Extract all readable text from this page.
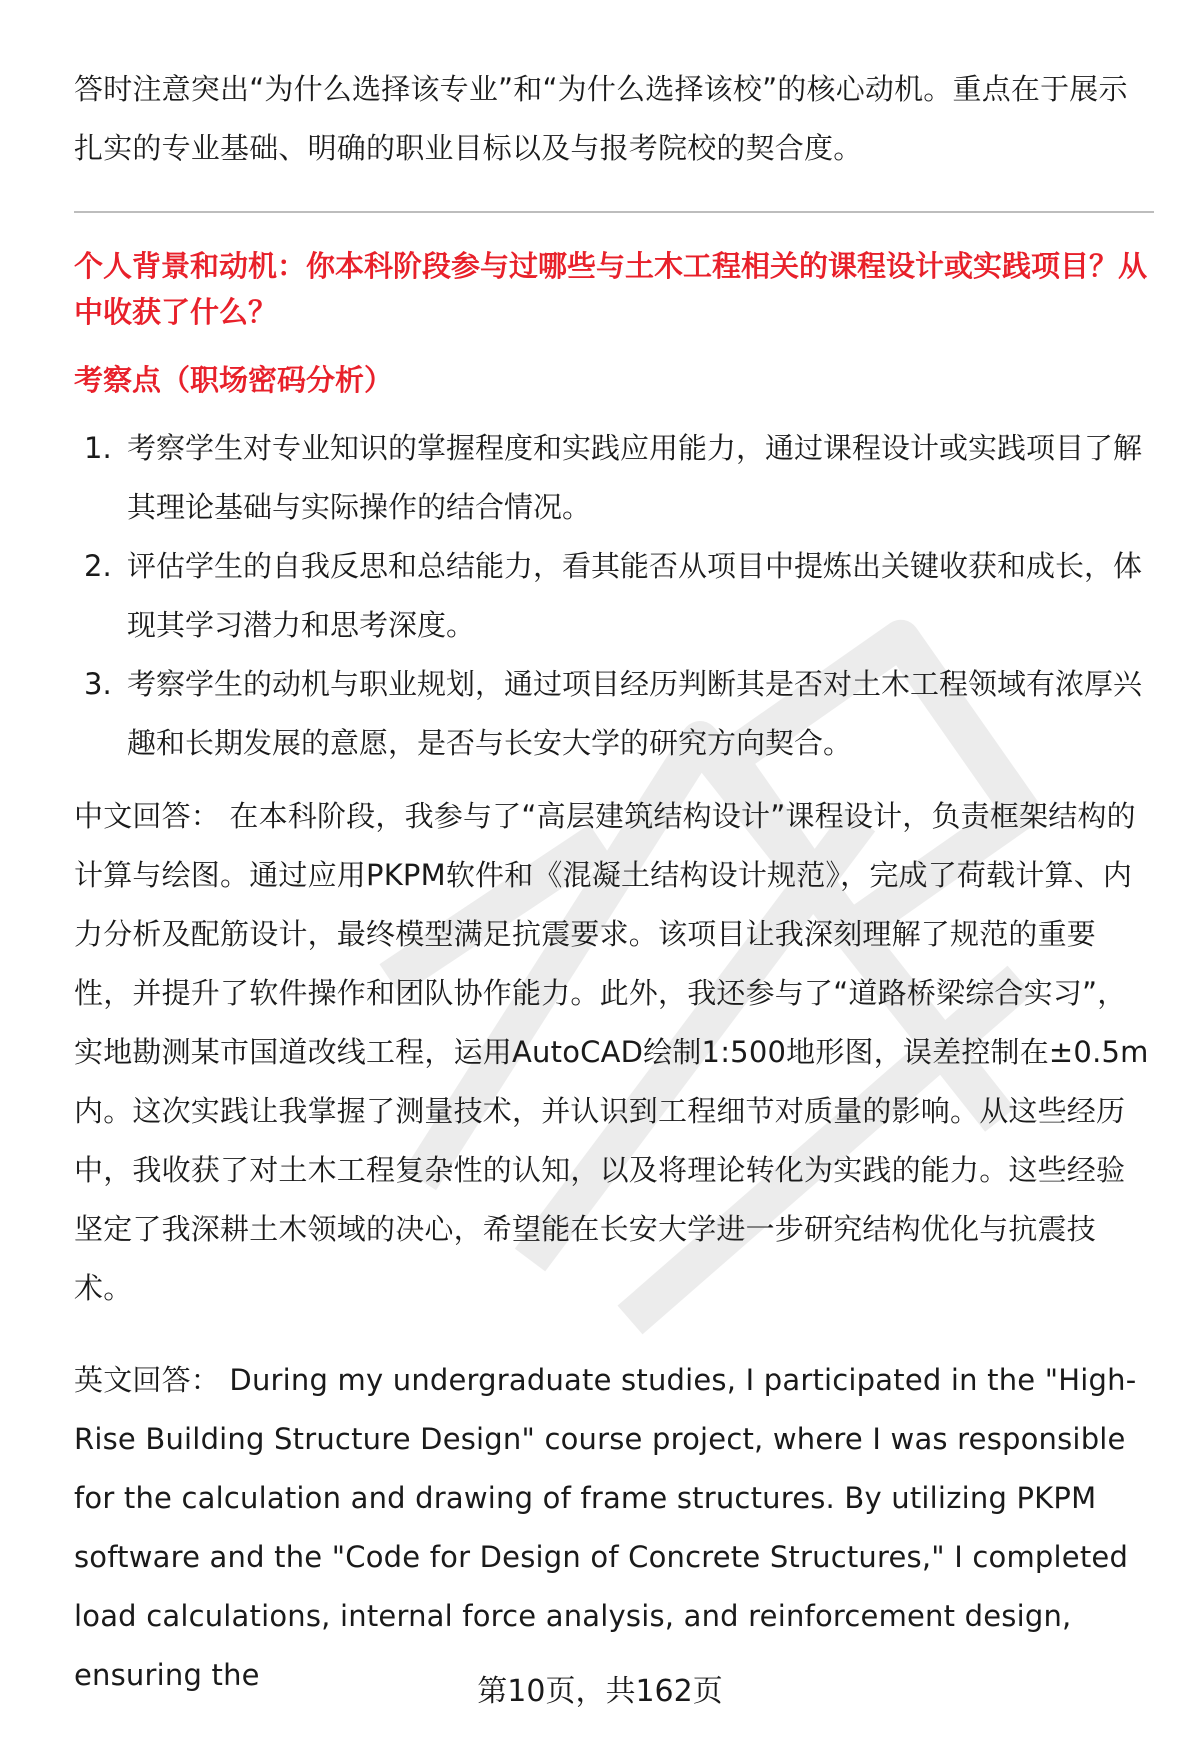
答时注意突出“为什么选择该专业”和“为什么选择该校”的核心动机。重点在于展示扎实的专业基础、明确的职业目标以及与报考院校的契合度。

个人背景和动机：你本科阶段参与过哪些与土木工程相关的课程设计或实践项目？从中收获了什么？

考察点（职场密码分析）

1. 考察学生对专业知识的掌握程度和实践应用能力，通过课程设计或实践项目了解其理论基础与实际操作的结合情况。
2. 评估学生的自我反思和总结能力，看其能否从项目中提炼出关键收获和成长，体现其学习潜力和思考深度。
3. 考察学生的动机与职业规划，通过项目经历判断其是否对土木工程领域有浓厚兴趣和长期发展的意愿，是否与长安大学的研究方向契合。

中文回答： 在本科阶段，我参与了“高层建筑结构设计”课程设计，负责框架结构的计算与绘图。通过应用PKPM软件和《混凝土结构设计规范》，完成了荷载计算、内力分析及配筋设计，最终模型满足抗震要求。该项目让我深刻理解了规范的重要性，并提升了软件操作和团队协作能力。此外，我还参与了“道路桥梁综合实习”，实地勘测某市国道改线工程，运用AutoCAD绘制1:500地形图，误差控制在±0.5m内。这次实践让我掌握了测量技术，并认识到工程细节对质量的影响。从这些经历中，我收获了对土木工程复杂性的认知，以及将理论转化为实践的能力。这些经验坚定了我深耕土木领域的决心，希望能在长安大学进一步研究结构优化与抗震技术。

英文回答： During my undergraduate studies, I participated in the "High-Rise Building Structure Design" course project, where I was responsible for the calculation and drawing of frame structures. By utilizing PKPM software and the "Code for Design of Concrete Structures," I completed load calculations, internal force analysis, and reinforcement design, ensuring the	第10页，共162页
